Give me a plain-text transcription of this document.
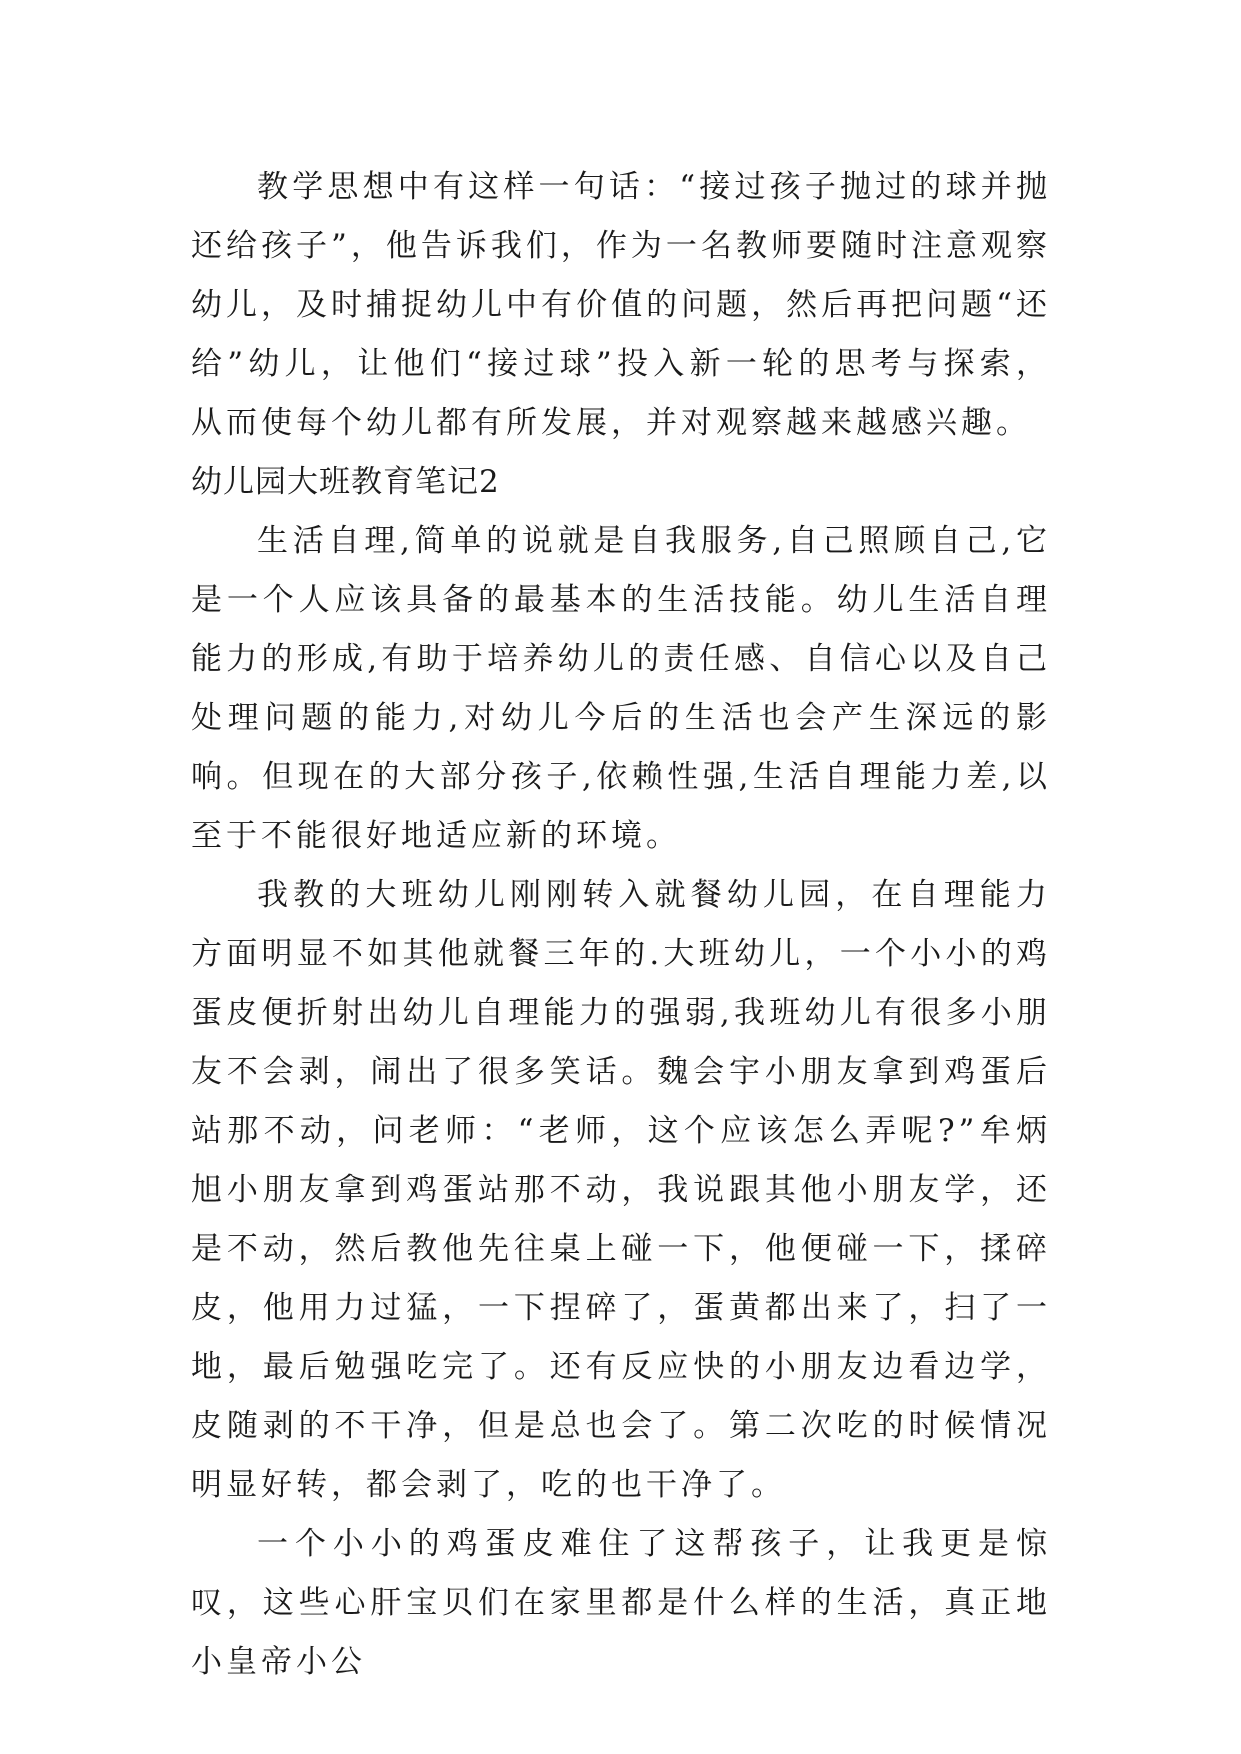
教学思想中有这样一句话：“接过孩子抛过的球并抛还给孩子”，他告诉我们，作为一名教师要随时注意观察幼儿，及时捕捉幼儿中有价值的问题，然后再把问题“还给”幼儿，让他们“接过球”投入新一轮的思考与探索，从而使每个幼儿都有所发展，并对观察越来越感兴趣。

幼儿园大班教育笔记2

生活自理,简单的说就是自我服务,自己照顾自己,它是一个人应该具备的最基本的生活技能。幼儿生活自理能力的形成,有助于培养幼儿的责任感、自信心以及自己处理问题的能力,对幼儿今后的生活也会产生深远的影响。但现在的大部分孩子,依赖性强,生活自理能力差,以至于不能很好地适应新的环境。

我教的大班幼儿刚刚转入就餐幼儿园，在自理能力方面明显不如其他就餐三年的.大班幼儿，一个小小的鸡蛋皮便折射出幼儿自理能力的强弱,我班幼儿有很多小朋友不会剥，闹出了很多笑话。魏会宇小朋友拿到鸡蛋后站那不动，问老师：“老师，这个应该怎么弄呢?”牟炳旭小朋友拿到鸡蛋站那不动，我说跟其他小朋友学，还是不动，然后教他先往桌上碰一下，他便碰一下，揉碎皮，他用力过猛，一下捏碎了，蛋黄都出来了，扫了一地，最后勉强吃完了。还有反应快的小朋友边看边学，皮随剥的不干净，但是总也会了。第二次吃的时候情况明显好转，都会剥了，吃的也干净了。

一个小小的鸡蛋皮难住了这帮孩子，让我更是惊叹，这些心肝宝贝们在家里都是什么样的生活，真正地小皇帝小公
